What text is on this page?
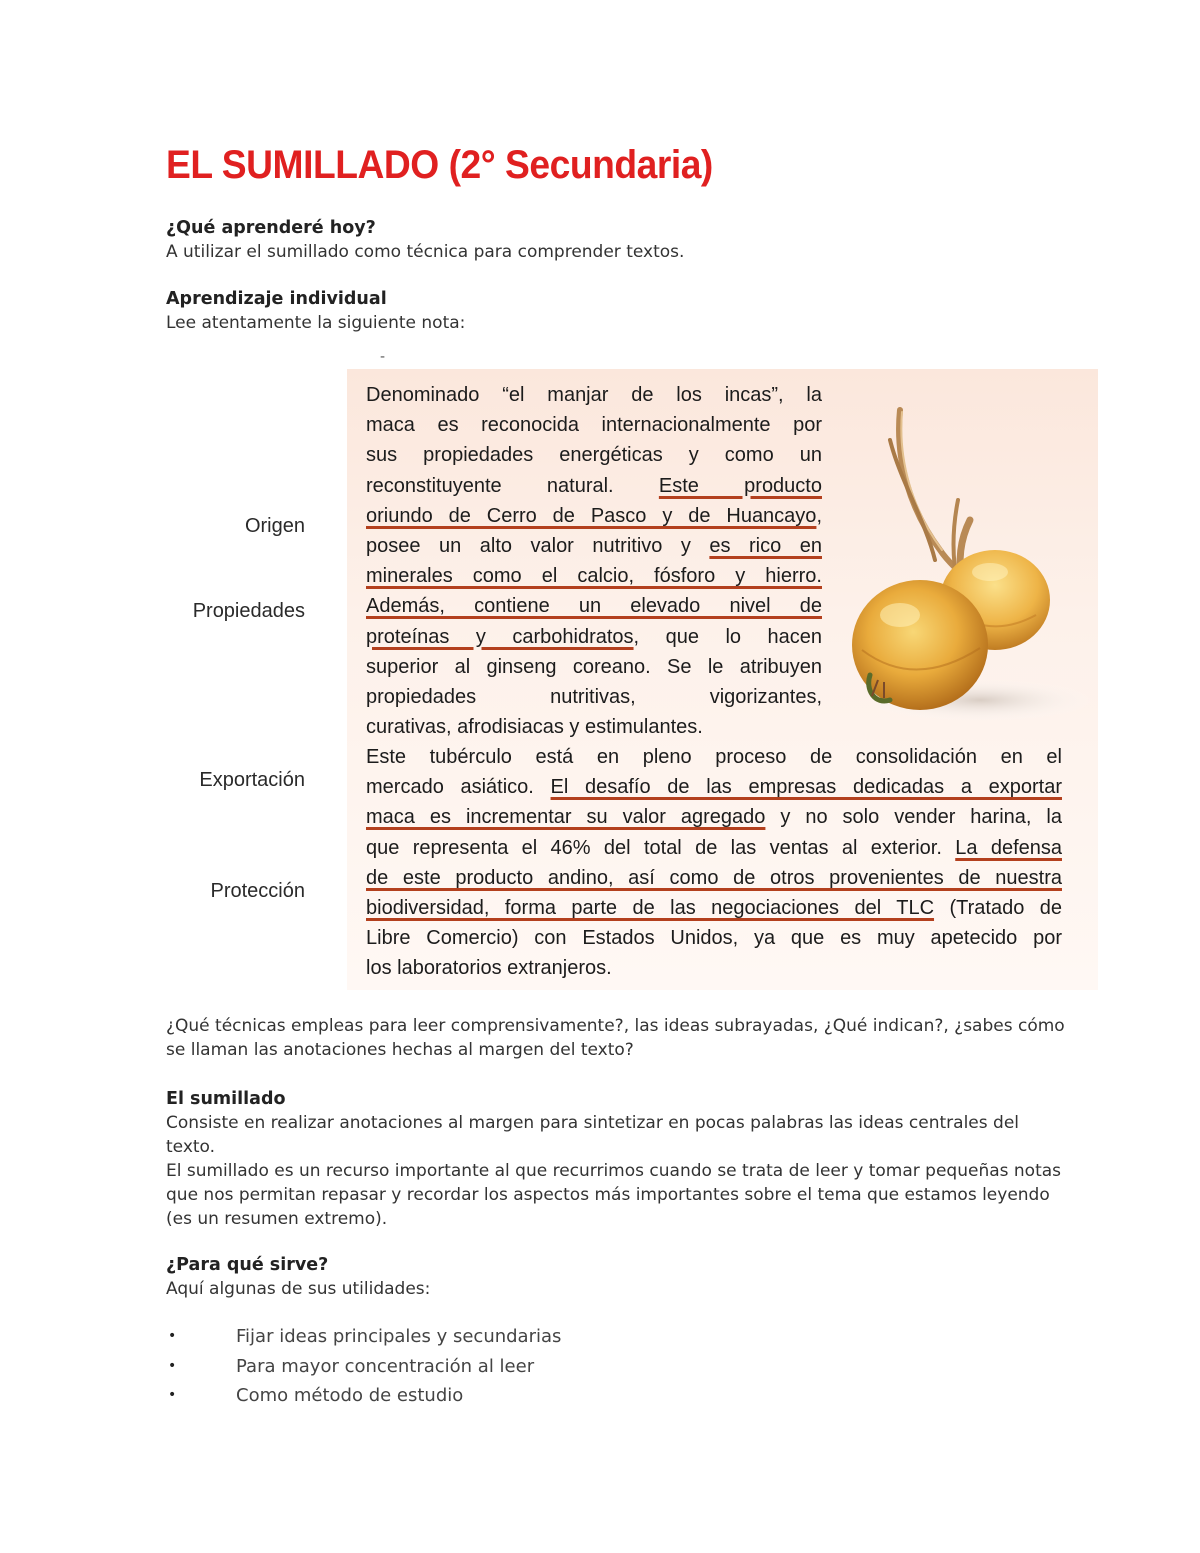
EL SUMILLADO (2° Secundaria)

¿Qué aprenderé hoy?

A utilizar el sumillado como técnica para comprender textos.

Aprendizaje individual

Lee atentamente la siguiente nota:

-
Origen
Propiedades
Exportación
Protección
Denominado “el manjar de los incas”, la
maca es reconocida internacionalmente por
sus propiedades energéticas y como un
reconstituyente natural. Este producto
oriundo de Cerro de Pasco y de Huancayo,
posee un alto valor nutritivo y es rico en
minerales como el calcio, fósforo y hierro.
Además, contiene un elevado nivel de
proteínas y carbohidratos, que lo hacen
superior al ginseng coreano. Se le atribuyen
propiedades nutritivas, vigorizantes,
curativas, afrodisiacas y estimulantes.
Este tubérculo está en pleno proceso de consolidación en el
mercado asiático. El desafío de las empresas dedicadas a exportar
maca es incrementar su valor agregado y no solo vender harina, la
que representa el 46% del total de las ventas al exterior. La defensa
de este producto andino, así como de otros provenientes de nuestra
biodiversidad, forma parte de las negociaciones del TLC (Tratado de
Libre Comercio) con Estados Unidos, ya que es muy apetecido por
los laboratorios extranjeros.

¿Qué técnicas empleas para leer comprensivamente?, las ideas subrayadas, ¿Qué indican?, ¿sabes cómo se llaman las anotaciones hechas al margen del texto?

El sumillado

Consiste en realizar anotaciones al margen para sintetizar en pocas palabras las ideas centrales del texto.

El sumillado es un recurso importante al que recurrimos cuando se trata de leer y tomar pequeñas notas que nos permitan repasar y recordar los aspectos más importantes sobre el tema que estamos leyendo (es un resumen extremo).

¿Para qué sirve?

Aquí algunas de sus utilidades:

•	Fijar ideas principales y secundarias
•	Para mayor concentración al leer
•	Como método de estudio
